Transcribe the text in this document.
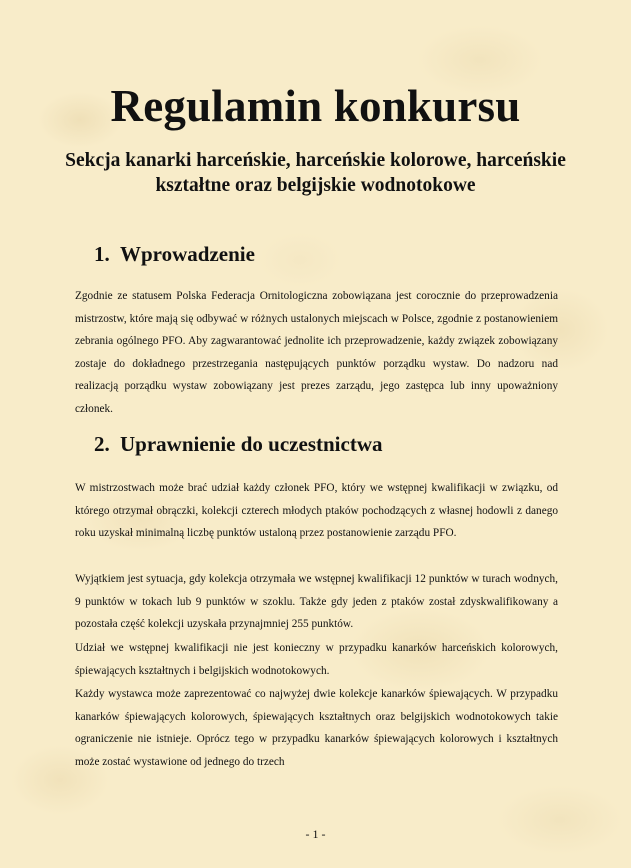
Regulamin konkursu
Sekcja kanarki harceńskie, harceńskie kolorowe, harceńskie kształtne oraz belgijskie wodnotokowe
1. Wprowadzenie

Zgodnie ze statusem Polska Federacja Ornitologiczna zobowiązana jest corocznie do przeprowadzenia mistrzostw, które mają się odbywać w różnych ustalonych miejscach w Polsce, zgodnie z postanowieniem zebrania ogólnego PFO. Aby zagwarantować jednolite ich przeprowadzenie, każdy związek zobowiązany zostaje do dokładnego przestrzegania następujących punktów porządku wystaw. Do nadzoru nad realizacją porządku wystaw zobowiązany jest prezes zarządu, jego zastępca lub inny upoważniony członek.

2. Uprawnienie do uczestnictwa

W mistrzostwach może brać udział każdy członek PFO, który we wstępnej kwalifikacji w związku, od którego otrzymał obrączki, kolekcji czterech młodych ptaków pochodzących z własnej hodowli z danego roku uzyskał minimalną liczbę punktów ustaloną przez postanowienie zarządu PFO.

Wyjątkiem jest sytuacja, gdy kolekcja otrzymała we wstępnej kwalifikacji 12 punktów w turach wodnych, 9 punktów w tokach lub 9 punktów w szoklu. Także gdy jeden z ptaków został zdyskwalifikowany a pozostała część kolekcji uzyskała przynajmniej 255 punktów.

Udział we wstępnej kwalifikacji nie jest konieczny w przypadku kanarków harceńskich kolorowych, śpiewających kształtnych i belgijskich wodnotokowych.

Każdy wystawca może zaprezentować co najwyżej dwie kolekcje kanarków śpiewających. W przypadku kanarków śpiewających kolorowych, śpiewających kształtnych oraz belgijskich wodnotokowych takie ograniczenie nie istnieje. Oprócz tego w przypadku kanarków śpiewających kolorowych i kształtnych może zostać wystawione od jednego do trzech

- 1 -
